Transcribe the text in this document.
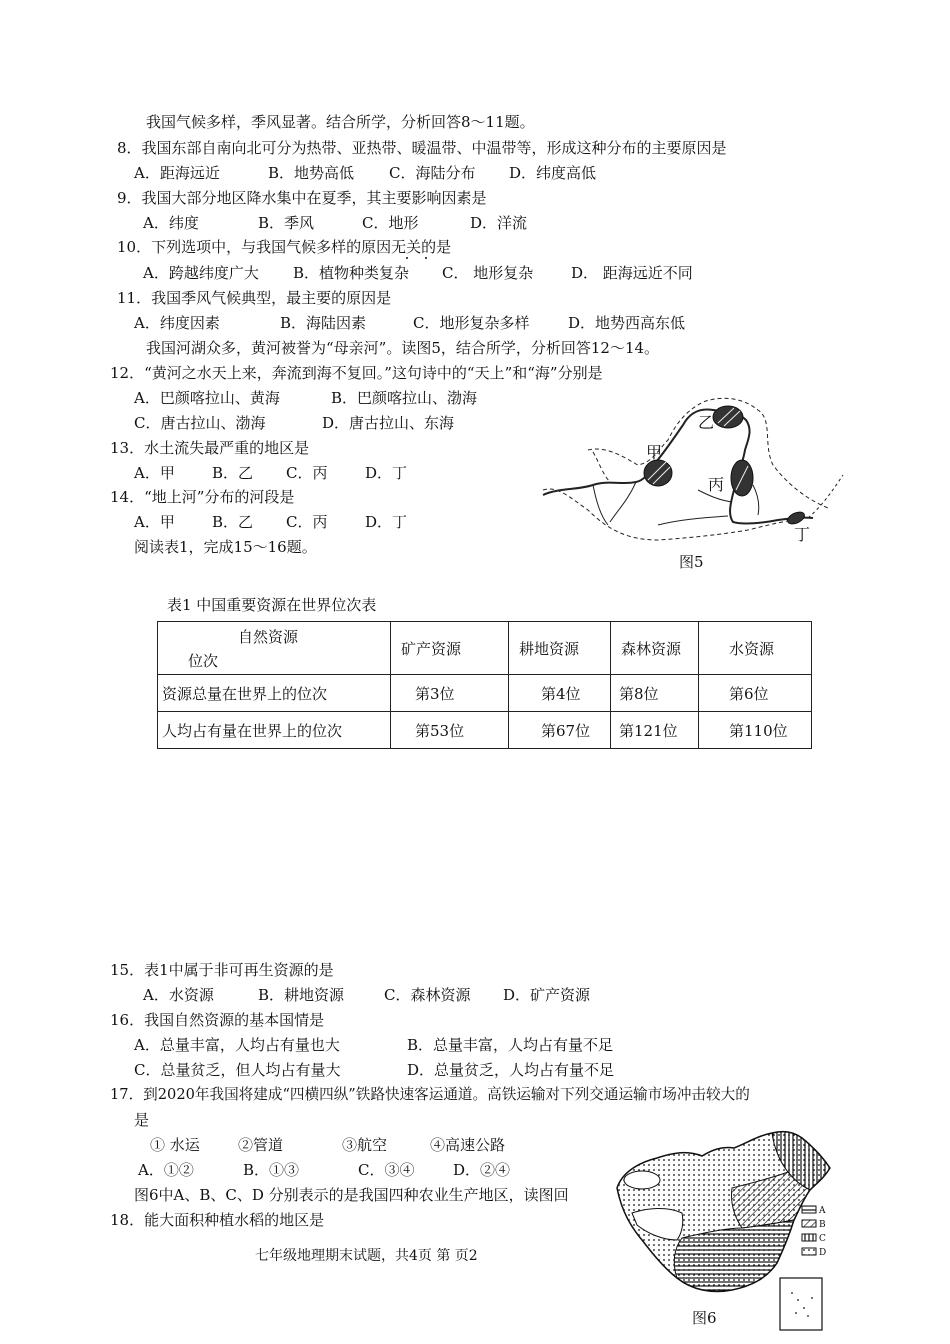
我国气候多样，季风显著。结合所学，分析回答8～11题。
8．我国东部自南向北可分为热带、亚热带、暖温带、中温带等，形成这种分布的主要原因是
A．距海远近	B．地势高低 C．海陆分布 D．纬度高低
9．我国大部分地区降水集中在夏季，其主要影响因素是
A．纬度	B．季风	C．地形	D．洋流
10．下列选项中，与我国气候多样的原因无关的是
A．跨越纬度广大 B．植物种类复杂 C． 地形复杂	D． 距海远近不同
11．我国季风气候典型，最主要的原因是
A．纬度因素	B．海陆因素	C．地形复杂多样	D．地势西高东低
我国河湖众多，黄河被誉为“母亲河”。读图5，结合所学，分析回答12～14。
12．“黄河之水天上来，奔流到海不复回。”这句诗中的“天上”和“海”分别是
A．巴颜喀拉山、黄海	B．巴颜喀拉山、渤海
C．唐古拉山、渤海	D．唐古拉山、东海
13．水土流失最严重的地区是
A．甲 B．乙 C．丙	D．丁
14．“地上河”分布的河段是
A．甲 B．乙 C．丙	D．丁
阅读表1，完成15～16题。
甲
乙
丙
丁
图5
表1 中国重要资源在世界位次表
自然资源
位次	矿产资源	耕地资源	森林资源	水资源
资源总量在世界上的位次	第3位	第4位	第8位	第6位
人均占有量在世界上的位次	第53位	第67位	第121位	第110位
15．表1中属于非可再生资源的是
A．水资源	B．耕地资源	C．森林资源 D．矿产资源
16．我国自然资源的基本国情是
A．总量丰富，人均占有量也大	B．总量丰富，人均占有量不足
C．总量贫乏，但人均占有量大	D．总量贫乏，人均占有量不足
17．到2020年我国将建成“四横四纵”铁路快速客运通道。高铁运输对下列交通运输市场冲击较大的
是
① 水运	②管道	③航空	④高速公路
A．①②	B．①③	C．③④	D．②④
图6中A、B、C、D 分别表示的是我国四种农业生产地区，读图回
18．能大面积种植水稻的地区是	A
B
C
D
图6
七年级地理期末试题，共4页 第 页2
